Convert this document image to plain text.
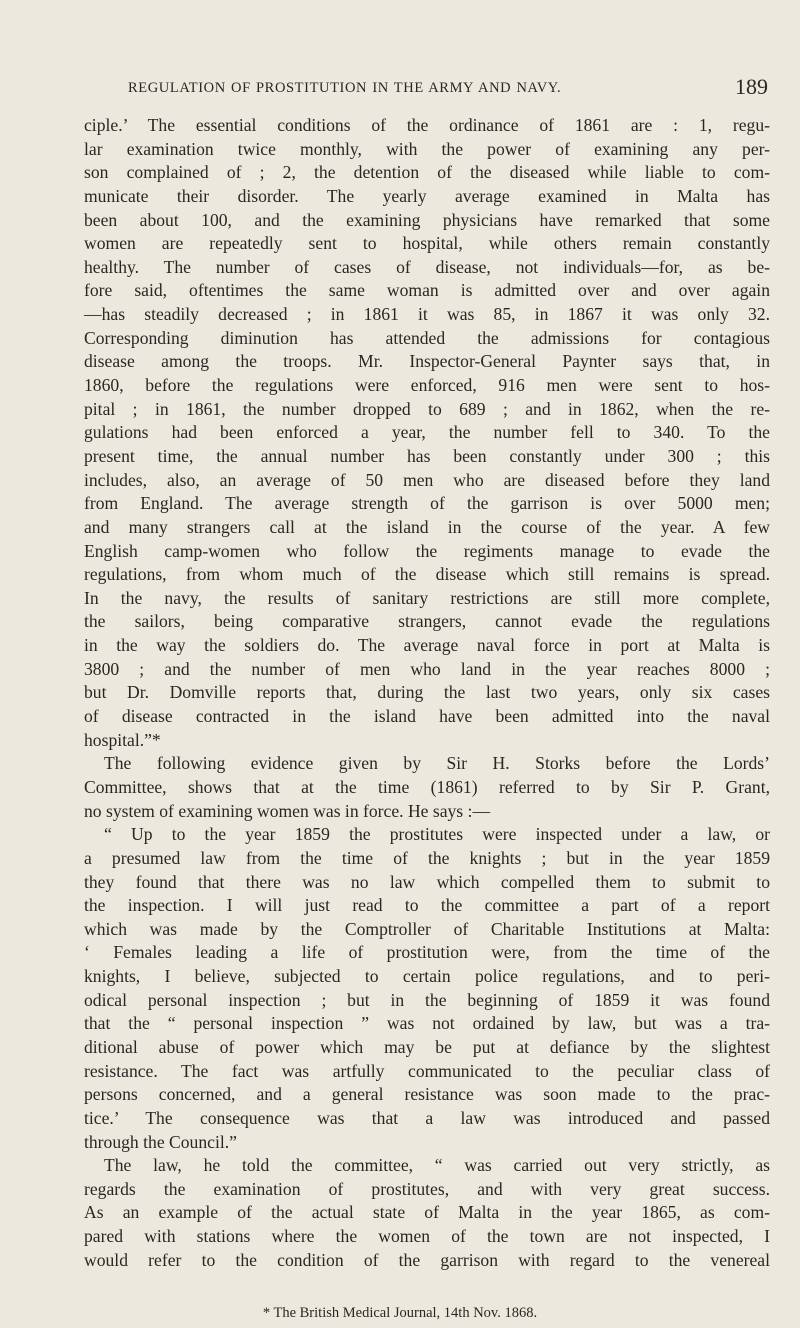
REGULATION OF PROSTITUTION IN THE ARMY AND NAVY.	189
ciple.’ The essential conditions of the ordinance of 1861 are : 1, regu-
lar examination twice monthly, with the power of examining any per-
son complained of ; 2, the detention of the diseased while liable to com-
municate their disorder. The yearly average examined in Malta has
been about 100, and the examining physicians have remarked that some
women are repeatedly sent to hospital, while others remain constantly
healthy. The number of cases of disease, not individuals—for, as be-
fore said, oftentimes the same woman is admitted over and over again
—has steadily decreased ; in 1861 it was 85, in 1867 it was only 32.
Corresponding diminution has attended the admissions for contagious
disease among the troops. Mr. Inspector-General Paynter says that, in
1860, before the regulations were enforced, 916 men were sent to hos-
pital ; in 1861, the number dropped to 689 ; and in 1862, when the re-
gulations had been enforced a year, the number fell to 340. To the
present time, the annual number has been constantly under 300 ; this
includes, also, an average of 50 men who are diseased before they land
from England. The average strength of the garrison is over 5000 men;
and many strangers call at the island in the course of the year. A few
English camp-women who follow the regiments manage to evade the
regulations, from whom much of the disease which still remains is spread.
In the navy, the results of sanitary restrictions are still more complete,
the sailors, being comparative strangers, cannot evade the regulations
in the way the soldiers do. The average naval force in port at Malta is
3800 ; and the number of men who land in the year reaches 8000 ;
but Dr. Domville reports that, during the last two years, only six cases
of disease contracted in the island have been admitted into the naval
hospital.”*
The following evidence given by Sir H. Storks before the Lords’
Committee, shows that at the time (1861) referred to by Sir P. Grant,
no system of examining women was in force. He says :—
“ Up to the year 1859 the prostitutes were inspected under a law, or
a presumed law from the time of the knights ; but in the year 1859
they found that there was no law which compelled them to submit to
the inspection. I will just read to the committee a part of a report
which was made by the Comptroller of Charitable Institutions at Malta:
‘ Females leading a life of prostitution were, from the time of the
knights, I believe, subjected to certain police regulations, and to peri-
odical personal inspection ; but in the beginning of 1859 it was found
that the “ personal inspection ” was not ordained by law, but was a tra-
ditional abuse of power which may be put at defiance by the slightest
resistance. The fact was artfully communicated to the peculiar class of
persons concerned, and a general resistance was soon made to the prac-
tice.’ The consequence was that a law was introduced and passed
through the Council.”
The law, he told the committee, “ was carried out very strictly, as
regards the examination of prostitutes, and with very great success.
As an example of the actual state of Malta in the year 1865, as com-
pared with stations where the women of the town are not inspected, I
would refer to the condition of the garrison with regard to the venereal
* The British Medical Journal, 14th Nov. 1868.
